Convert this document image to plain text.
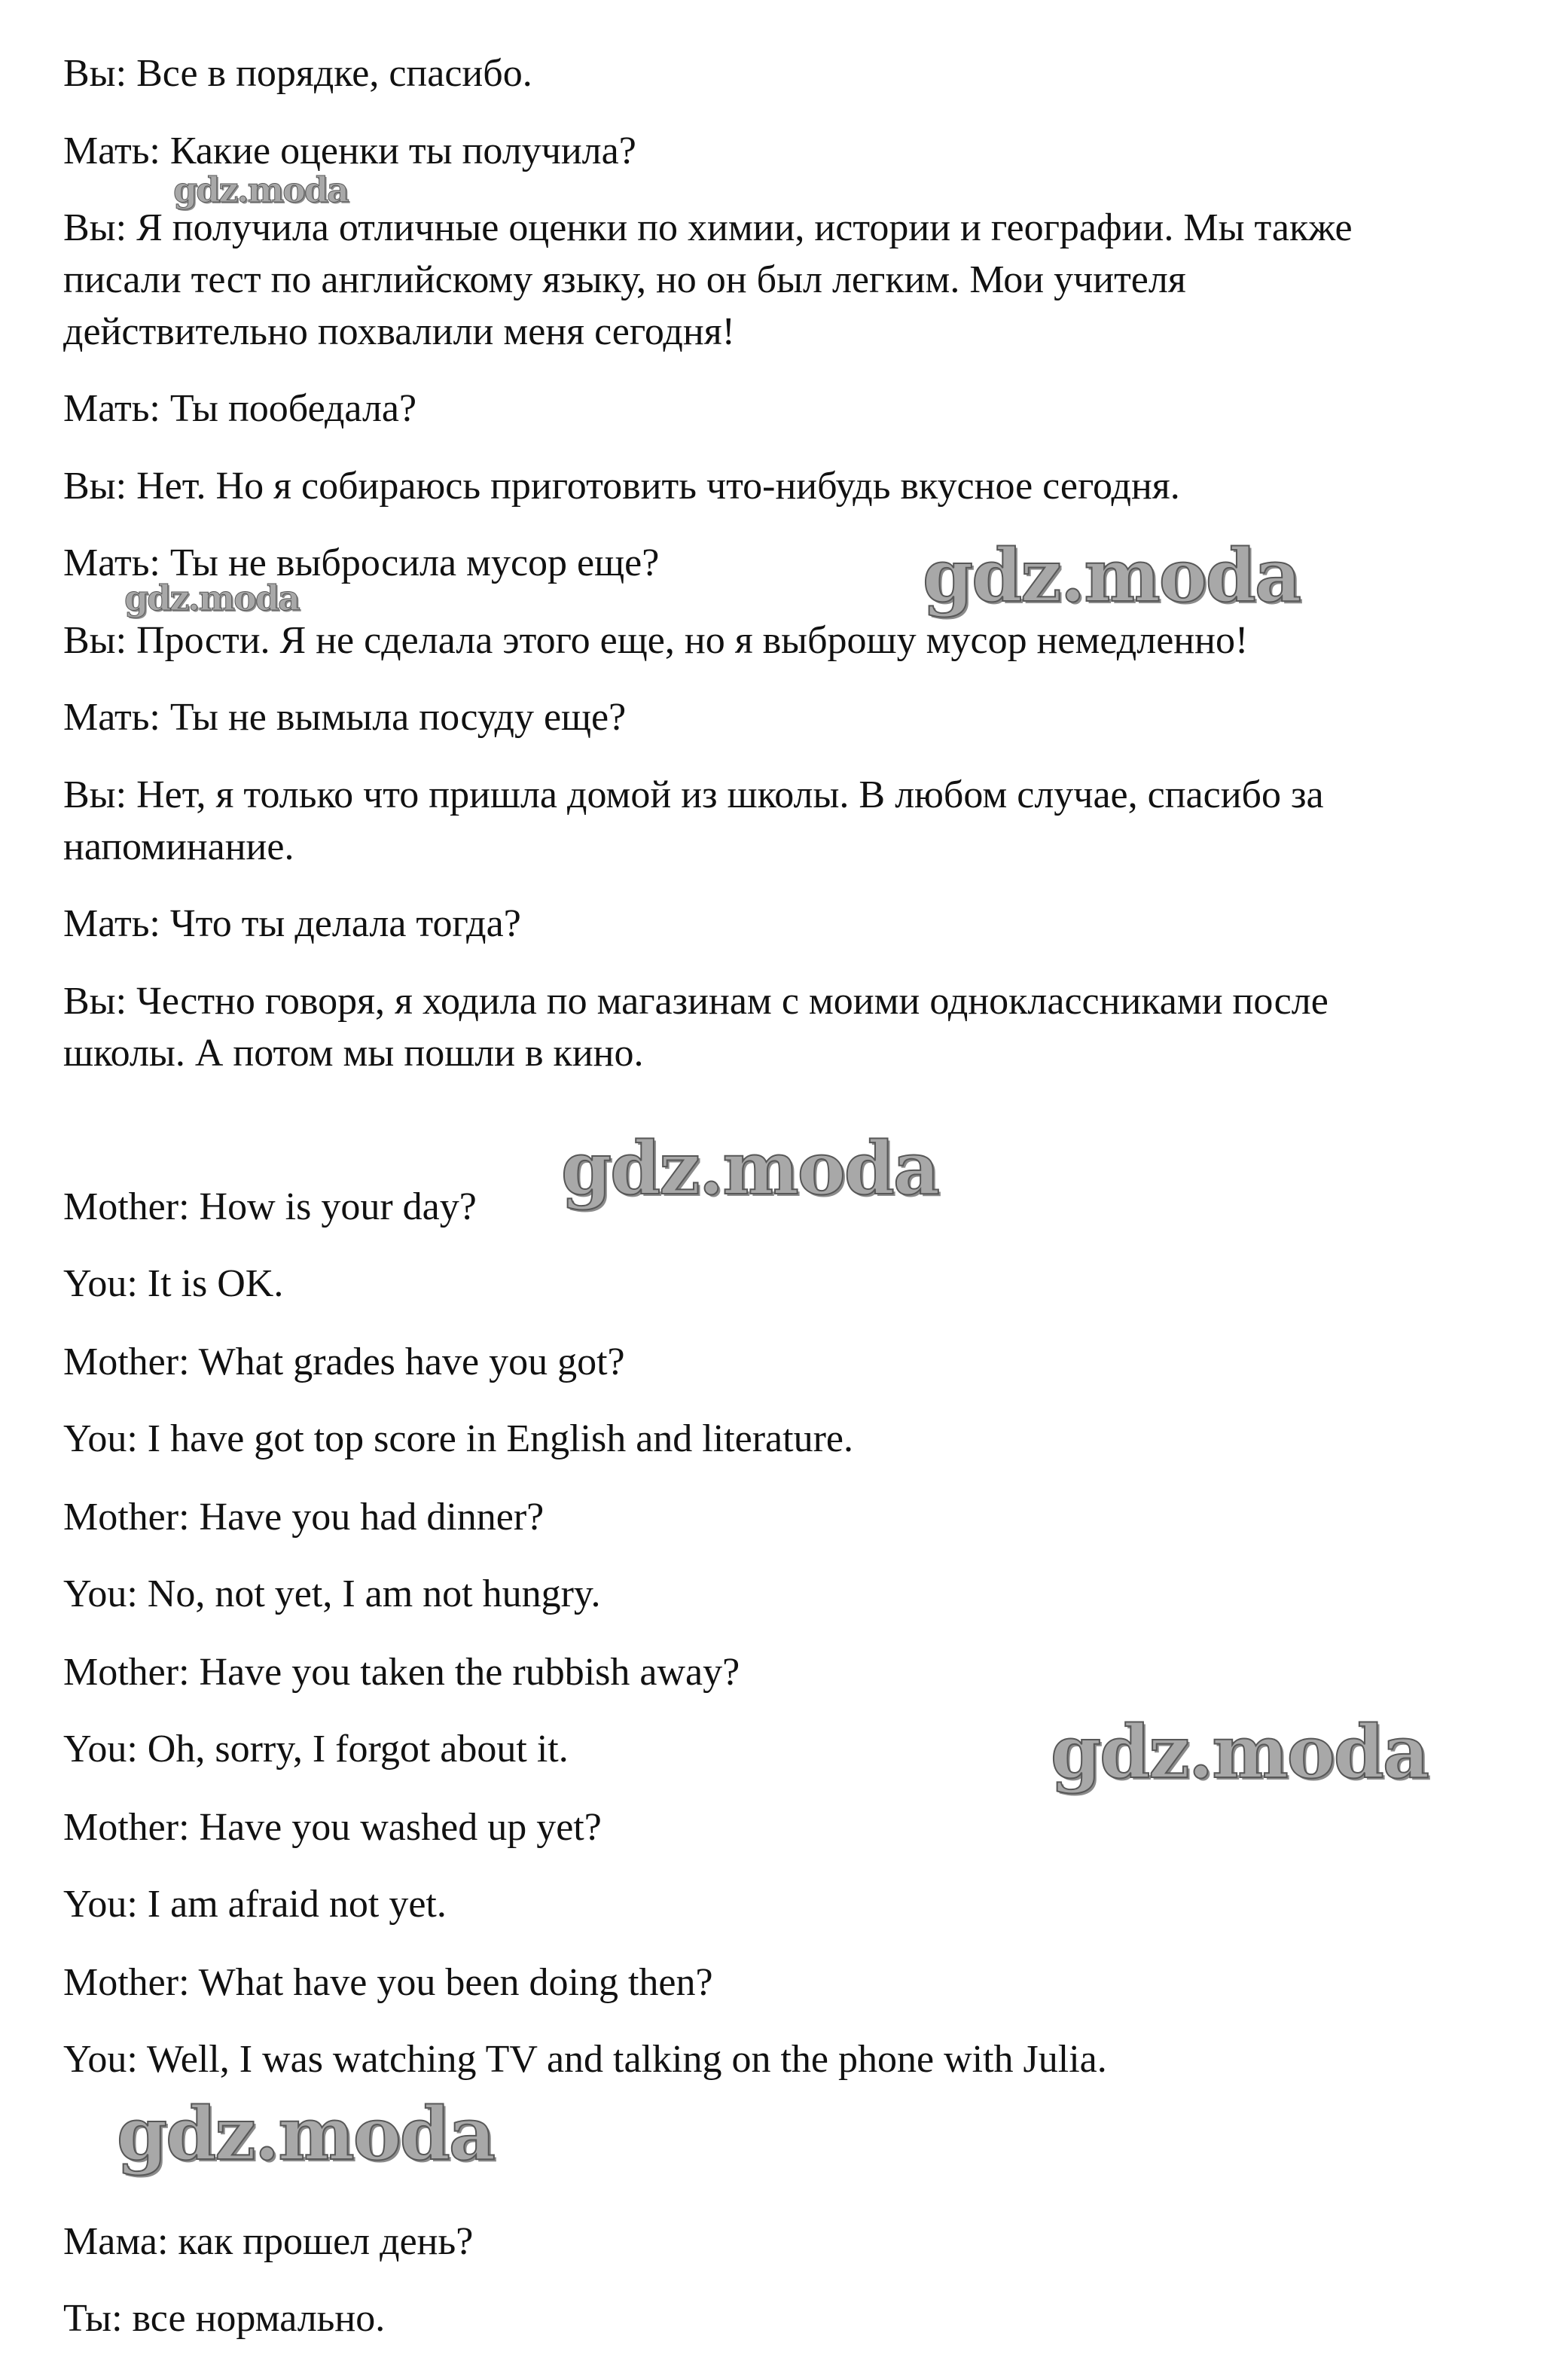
Вы: Все в порядке, спасибо.

Мать: Какие оценки ты получила?

Вы: Я получила отличные оценки по химии, истории и географии. Мы также

писали тест по английскому языку, но он был легким. Мои учителя

действительно похвалили меня сегодня!

Мать: Ты пообедала?

Вы: Нет. Но я собираюсь приготовить что-нибудь вкусное сегодня.

Мать: Ты не выбросила мусор еще?

Вы: Прости. Я не сделала этого еще, но я выброшу мусор немедленно!

Мать: Ты не вымыла посуду еще?

Вы: Нет, я только что пришла домой из школы. В любом случае, спасибо за

напоминание.

Мать: Что ты делала тогда?

Вы: Честно говоря, я ходила по магазинам с моими одноклассниками после

школы. А потом мы пошли в кино.

Mother: How is your day?

You: It is OK.

Mother: What grades have you got?

You: I have got top score in English and literature.

Mother: Have you had dinner?

You: No, not yet, I am not hungry.

Mother: Have you taken the rubbish away?

You: Oh, sorry, I forgot about it.

Mother: Have you washed up yet?

You: I am afraid not yet.

Mother: What have you been doing then?

You: Well, I was watching TV and talking on the phone with Julia.

Мама: как прошел день?

Ты: все нормально.

gdz.moda

gdz.moda	gdz.moda

gdz.moda

gdz.moda

gdz.moda
